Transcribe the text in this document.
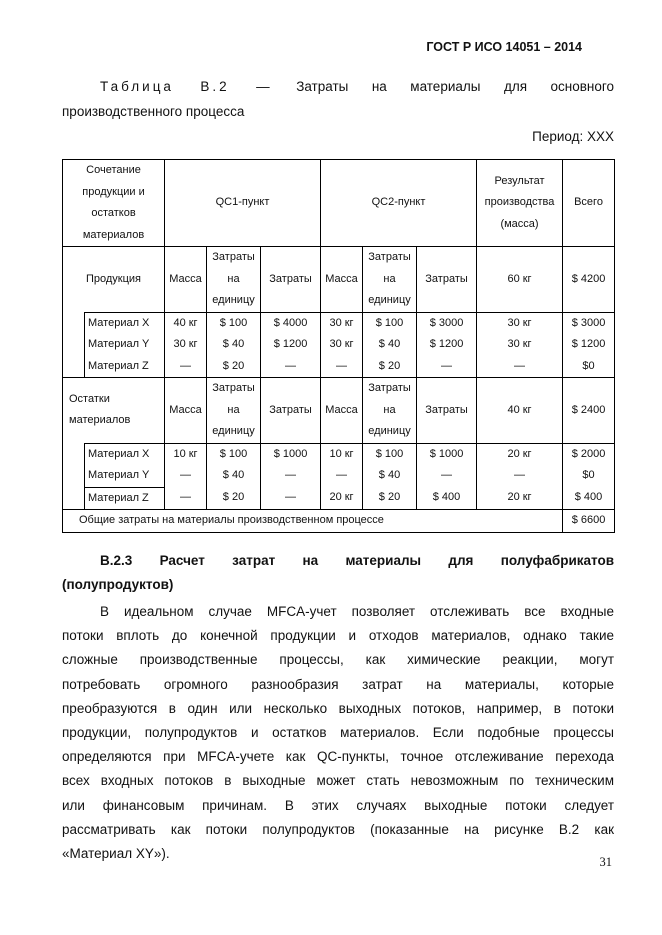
ГОСТ Р ИСО 14051 – 2014
Таблица В.2 — Затраты на материалы для основного
производственного процесса
Период: ХХХ
Сочетание продукции и остатков материалов		QC1-пункт			QC2-пункт			Результат производства (масса)	Всего
Продукция		Масса	Затраты на единицу	Затраты	Масса	Затраты на единицу	Затраты	60 кг	$ 4200
	Материал X	40 кг	$ 100	$ 4000	30 кг	$ 100	$ 3000	30 кг	$ 3000
	Материал Y	30 кг	$ 40	$ 1200	30 кг	$ 40	$ 1200	30 кг	$ 1200
	Материал Z	—	$ 20	—	—	$ 20	—	—	$0
Остатки материалов		Масса	Затраты на единицу	Затраты	Масса	Затраты на единицу	Затраты	40 кг	$ 2400
	Материал X	10 кг	$ 100	$ 1000	10 кг	$ 100	$ 1000	20 кг	$ 2000
	Материал Y	—	$ 40	—	—	$ 40	—	—	$0
	Материал Z	—	$ 20	—	20 кг	$ 20	$ 400	20 кг	$ 400
Общие затраты на материалы производственном процессе									$ 6600
В.2.3 Расчет затрат на материалы для полуфабрикатов
(полупродуктов)
В идеальном случае MFCA-учет позволяет отслеживать все входные
потоки вплоть до конечной продукции и отходов материалов, однако такие
сложные производственные процессы, как химические реакции, могут
потребовать огромного разнообразия затрат на материалы, которые
преобразуются в один или несколько выходных потоков, например, в потоки
продукции, полупродуктов и остатков материалов. Если подобные процессы
определяются при MFCA-учете как QC-пункты, точное отслеживание перехода
всех входных потоков в выходные может стать невозможным по техническим
или финансовым причинам. В этих случаях выходные потоки следует
рассматривать как потоки полупродуктов (показанные на рисунке В.2 как
«Материал XY»).
31
